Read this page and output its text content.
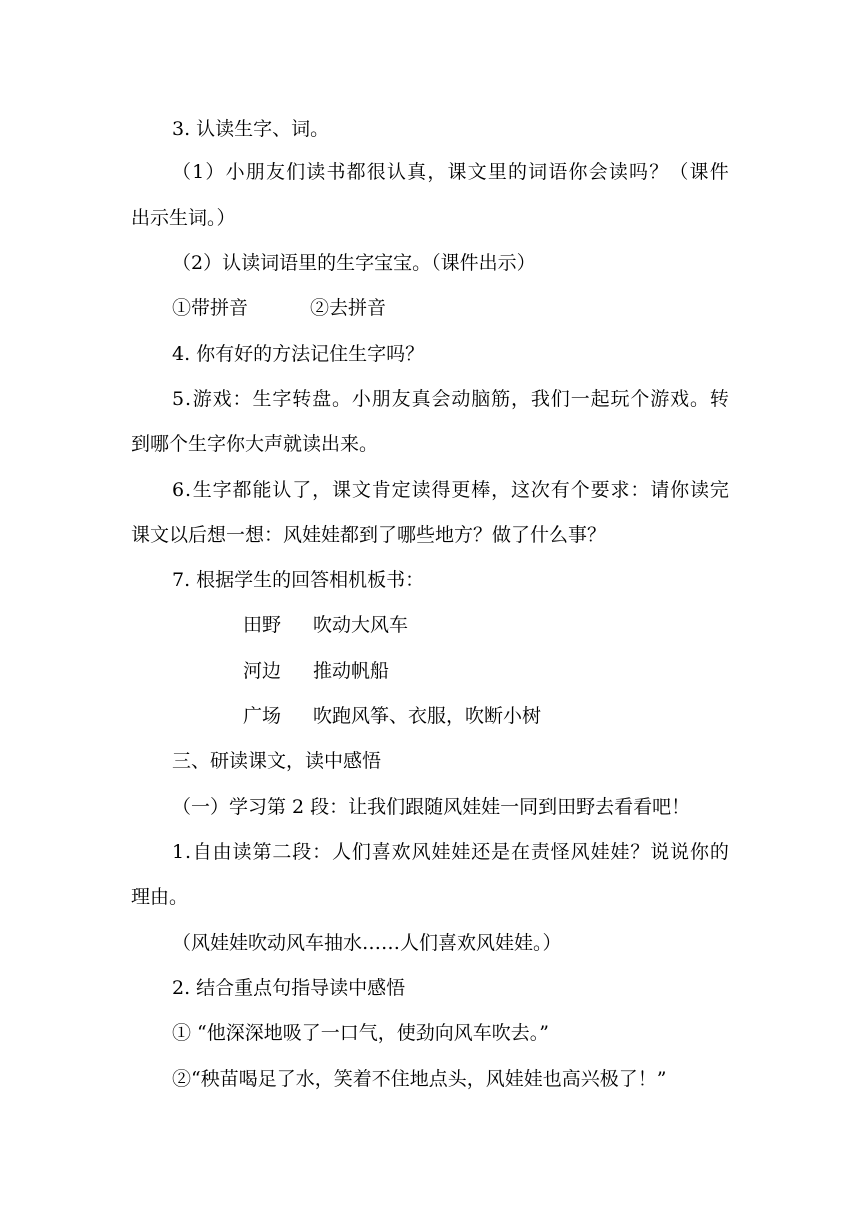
3. 认读生字、词。
（ 1 ） 小 朋 友 们 读 书 都 很 认 真 ， 课 文 里 的 词 语 你 会 读 吗 ？ （ 课 件
出示生词。）
（2）认读词语里的生字宝宝。（课件出示）
①带拼音	②去拼音
4. 你有好的方法记住生字吗？
5 . 游 戏 ： 生 字 转 盘 。 小 朋 友 真 会 动 脑 筋 ， 我 们 一 起 玩 个 游 戏 。 转
到哪个生字你大声就读出来。
6 . 生 字 都 能 认 了 ， 课 文 肯 定 读 得 更 棒 ， 这 次 有 个 要 求 ： 请 你 读 完
课文以后想一想：风娃娃都到了哪些地方？做了什么事？
7. 根据学生的回答相机板书：
田野 吹动大风车
河边 推动帆船
广场 吹跑风筝、衣服，吹断小树
三、研读课文，读中感悟
（一）学习第 2 段：让我们跟随风娃娃一同到田野去看看吧！
1 . 自 由 读 第 二 段 ： 人 们 喜 欢 风 娃 娃 还 是 在 责 怪 风 娃 娃 ？ 说 说 你 的
理由。
（风娃娃吹动风车抽水……人们喜欢风娃娃。）
2. 结合重点句指导读中感悟
① “他深深地吸了一口气，使劲向风车吹去。”
②“秧苗喝足了水，笑着不住地点头，风娃娃也高兴极了！”
